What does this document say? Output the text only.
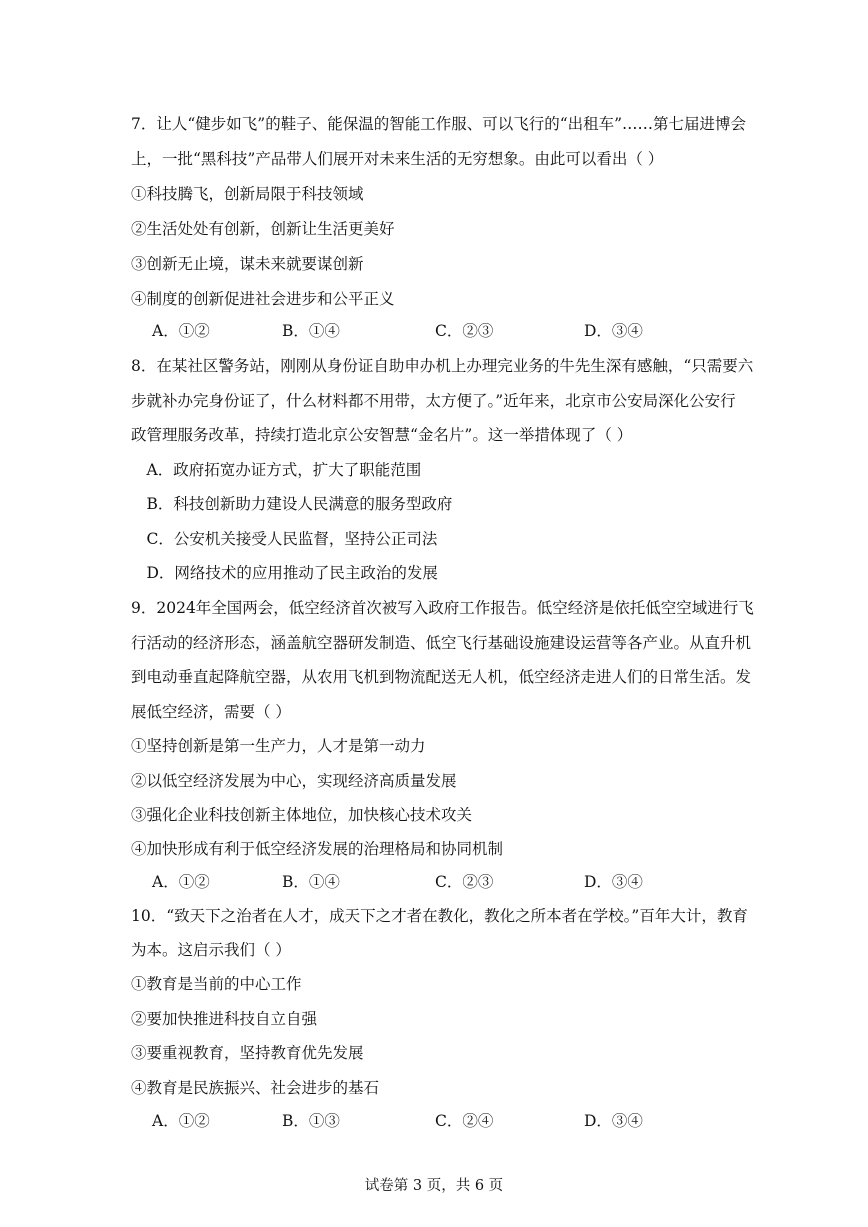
7．让人“健步如飞”的鞋子、能保温的智能工作服、可以飞行的“出租车”……第七届进博会
上，一批“黑科技”产品带人们展开对未来生活的无穷想象。由此可以看出（ ）
①科技腾飞，创新局限于科技领域
②生活处处有创新，创新让生活更美好
③创新无止境，谋未来就要谋创新
④制度的创新促进社会进步和公平正义
A．①②	B．①④	C．②③	D．③④
8．在某社区警务站，刚刚从身份证自助申办机上办理完业务的牛先生深有感触，“只需要六
步就补办完身份证了，什么材料都不用带，太方便了。”近年来，北京市公安局深化公安行
政管理服务改革，持续打造北京公安智慧“金名片”。这一举措体现了（ ）
　A．政府拓宽办证方式，扩大了职能范围
　B．科技创新助力建设人民满意的服务型政府
　C．公安机关接受人民监督，坚持公正司法
　D．网络技术的应用推动了民主政治的发展
9．2024年全国两会，低空经济首次被写入政府工作报告。低空经济是依托低空空域进行飞
行活动的经济形态，涵盖航空器研发制造、低空飞行基础设施建设运营等各产业。从直升机
到电动垂直起降航空器，从农用飞机到物流配送无人机，低空经济走进人们的日常生活。发
展低空经济，需要（ ）
①坚持创新是第一生产力，人才是第一动力
②以低空经济发展为中心，实现经济高质量发展
③强化企业科技创新主体地位，加快核心技术攻关
④加快形成有利于低空经济发展的治理格局和协同机制
A．①②	B．①④	C．②③	D．③④
10．“致天下之治者在人才，成天下之才者在教化，教化之所本者在学校。”百年大计，教育
为本。这启示我们（ ）
①教育是当前的中心工作
②要加快推进科技自立自强
③要重视教育，坚持教育优先发展
④教育是民族振兴、社会进步的基石
A．①②	B．①③	C．②④	D．③④
试卷第 3 页，共 6 页
